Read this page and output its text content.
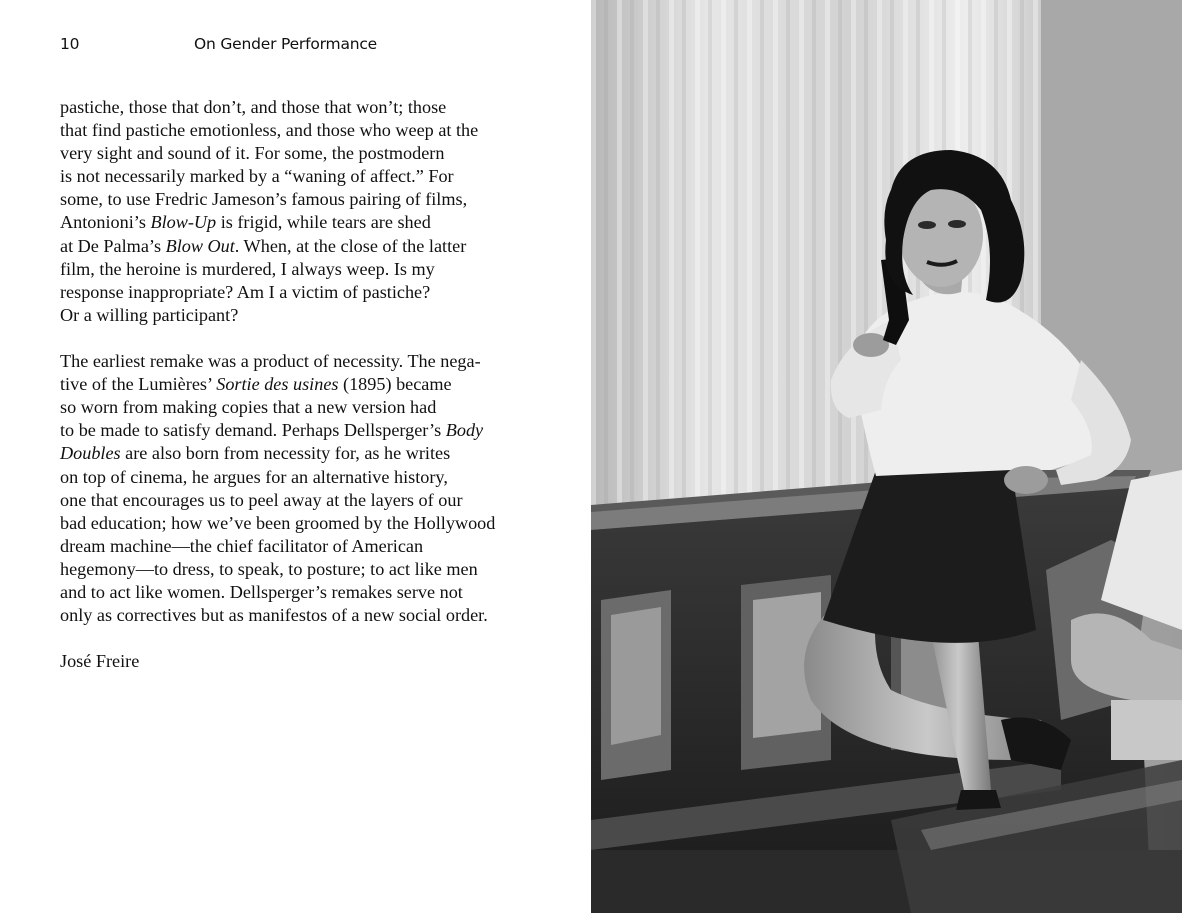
10	On Gender Performance

pastiche, those that don’t, and those that won’t; those
that find pastiche emotionless, and those who weep at the
very sight and sound of it. For some, the postmodern
is not necessarily marked by a “waning of affect.” For
some, to use Fredric Jameson’s famous pairing of films,
Antonioni’s Blow-Up is frigid, while tears are shed
at De Palma’s Blow Out. When, at the close of the latter
film, the heroine is murdered, I always weep. Is my
response inappropriate? Am I a victim of pastiche?
Or a willing participant?

The earliest remake was a product of necessity. The nega-
tive of the Lumières’ Sortie des usines (1895) became
so worn from making copies that a new version had
to be made to satisfy demand. Perhaps Dellsperger’s Body
Doubles are also born from necessity for, as he writes
on top of cinema, he argues for an alternative history,
one that encourages us to peel away at the layers of our
bad education; how we’ve been groomed by the Hollywood
dream machine—the chief facilitator of American
hegemony—to dress, to speak, to posture; to act like men
and to act like women. Dellsperger’s remakes serve not
only as correctives but as manifestos of a new social order.

José Freire
